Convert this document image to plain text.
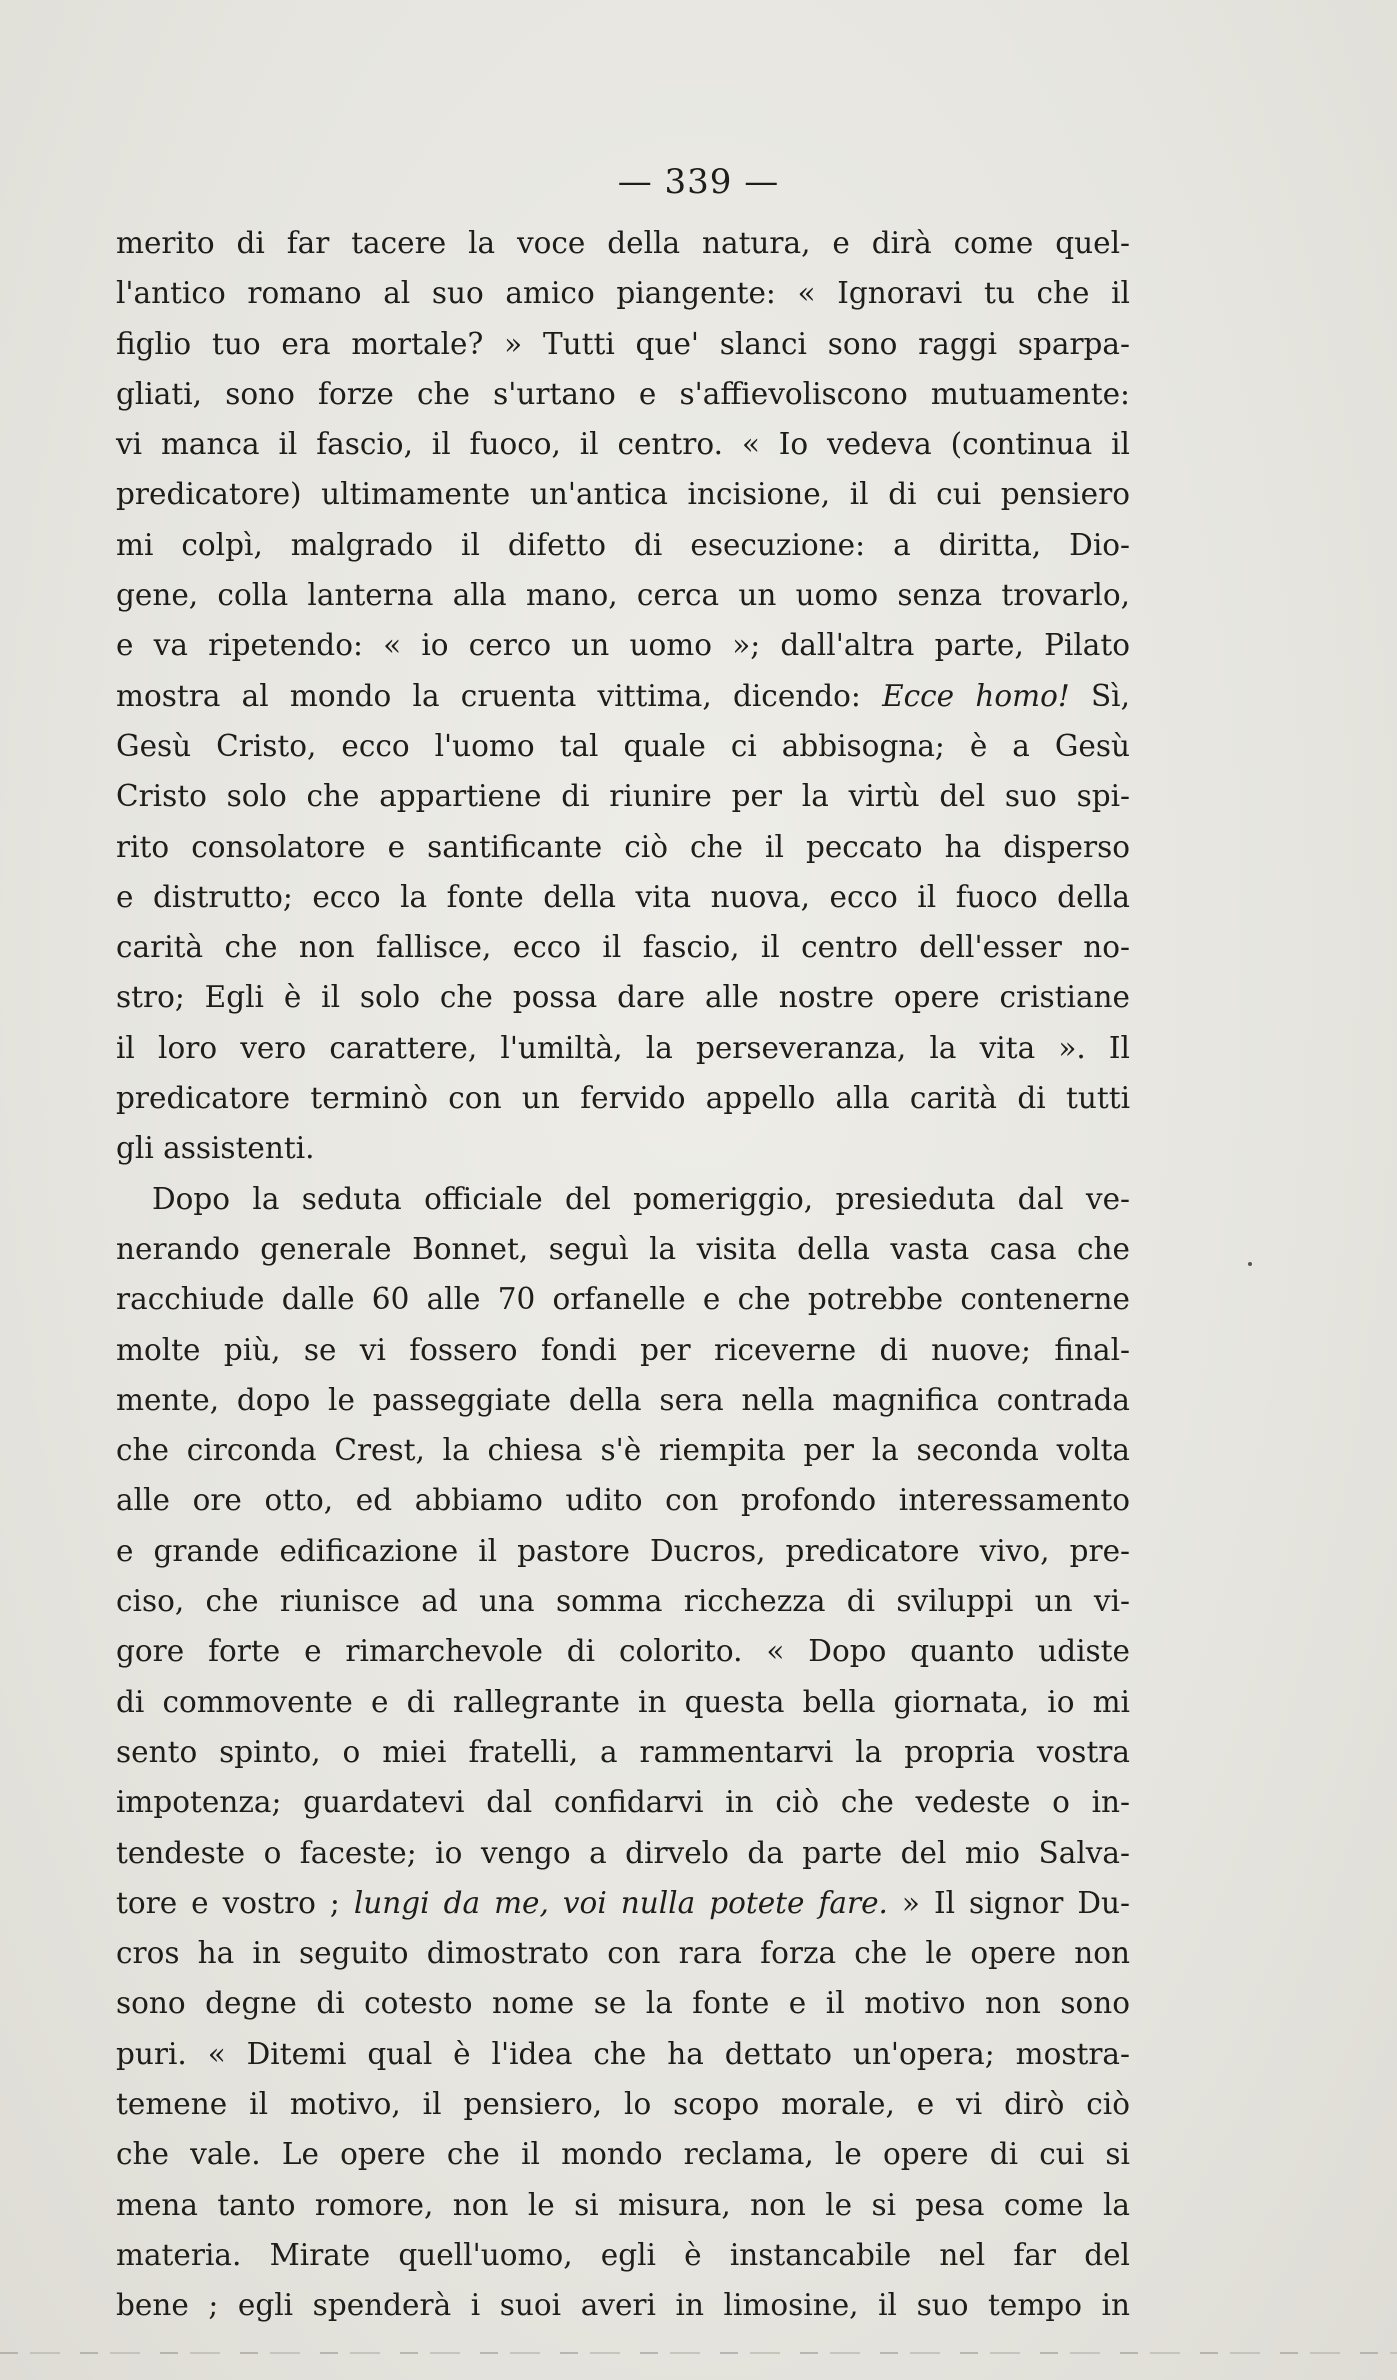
— 339 —
merito di far tacere la voce della natura, e dirà come quel-
l'antico romano al suo amico piangente: « Ignoravi tu che il
figlio tuo era mortale? » Tutti que' slanci sono raggi sparpa-
gliati, sono forze che s'urtano e s'affievoliscono mutuamente:
vi manca il fascio, il fuoco, il centro. « Io vedeva (continua il
predicatore) ultimamente un'antica incisione, il di cui pensiero
mi colpì, malgrado il difetto di esecuzione: a diritta, Dio-
gene, colla lanterna alla mano, cerca un uomo senza trovarlo,
e va ripetendo: « io cerco un uomo »; dall'altra parte, Pilato
mostra al mondo la cruenta vittima, dicendo: Ecce homo! Sì,
Gesù Cristo, ecco l'uomo tal quale ci abbisogna; è a Gesù
Cristo solo che appartiene di riunire per la virtù del suo spi-
rito consolatore e santificante ciò che il peccato ha disperso
e distrutto; ecco la fonte della vita nuova, ecco il fuoco della
carità che non fallisce, ecco il fascio, il centro dell'esser no-
stro; Egli è il solo che possa dare alle nostre opere cristiane
il loro vero carattere, l'umiltà, la perseveranza, la vita ». Il
predicatore terminò con un fervido appello alla carità di tutti
gli assistenti.
Dopo la seduta officiale del pomeriggio, presieduta dal ve-
nerando generale Bonnet, seguì la visita della vasta casa che
racchiude dalle 60 alle 70 orfanelle e che potrebbe contenerne
molte più, se vi fossero fondi per riceverne di nuove; final-
mente, dopo le passeggiate della sera nella magnifica contrada
che circonda Crest, la chiesa s'è riempita per la seconda volta
alle ore otto, ed abbiamo udito con profondo interessamento
e grande edificazione il pastore Ducros, predicatore vivo, pre-
ciso, che riunisce ad una somma ricchezza di sviluppi un vi-
gore forte e rimarchevole di colorito. « Dopo quanto udiste
di commovente e di rallegrante in questa bella giornata, io mi
sento spinto, o miei fratelli, a rammentarvi la propria vostra
impotenza; guardatevi dal confidarvi in ciò che vedeste o in-
tendeste o faceste; io vengo a dirvelo da parte del mio Salva-
tore e vostro ; lungi da me, voi nulla potete fare. » Il signor Du-
cros ha in seguito dimostrato con rara forza che le opere non
sono degne di cotesto nome se la fonte e il motivo non sono
puri. « Ditemi qual è l'idea che ha dettato un'opera; mostra-
temene il motivo, il pensiero, lo scopo morale, e vi dirò ciò
che vale. Le opere che il mondo reclama, le opere di cui si
mena tanto romore, non le si misura, non le si pesa come la
materia. Mirate quell'uomo, egli è instancabile nel far del
bene ; egli spenderà i suoi averi in limosine, il suo tempo in
